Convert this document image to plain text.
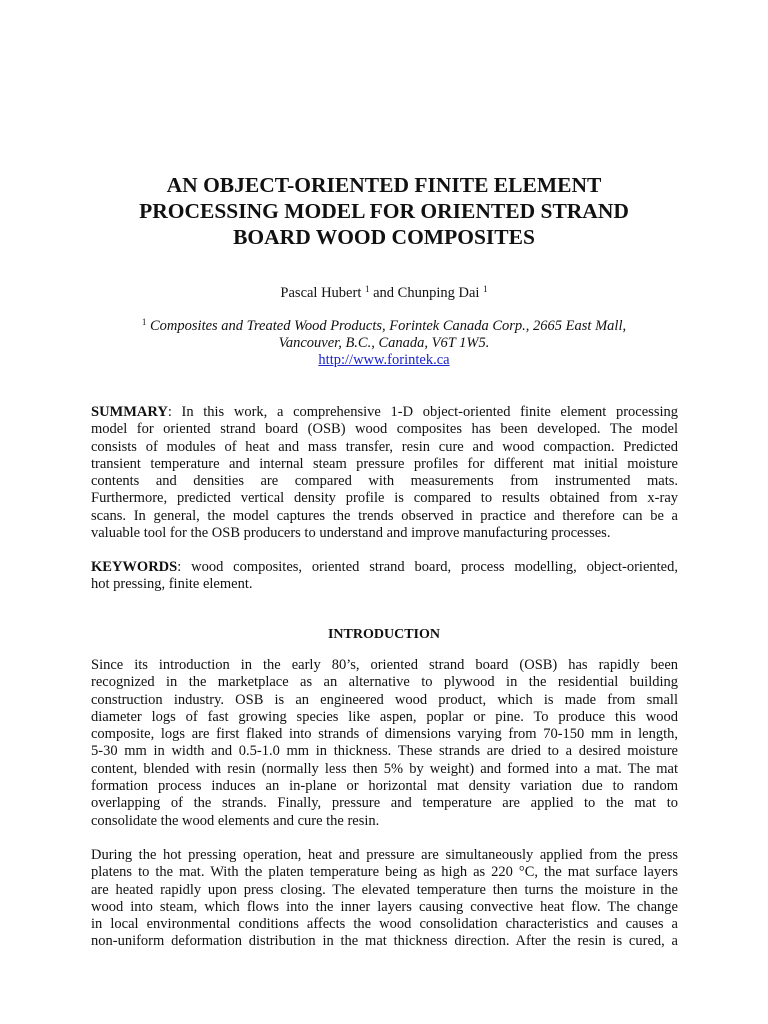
AN OBJECT-ORIENTED FINITE ELEMENT
PROCESSING MODEL FOR ORIENTED STRAND
BOARD WOOD COMPOSITES
Pascal Hubert $^1$ and Chunping Dai $^1$
$^1$ Composites and Treated Wood Products, Forintek Canada Corp., 2665 East Mall,
Vancouver, B.C., Canada, V6T 1W5.
http://www.forintek.ca

SUMMARY: In this work, a comprehensive 1-D object-oriented finite element processing
model for oriented strand board (OSB) wood composites has been developed. The model
consists of modules of heat and mass transfer, resin cure and wood compaction. Predicted
transient temperature and internal steam pressure profiles for different mat initial moisture
contents and densities are compared with measurements from instrumented mats.
Furthermore, predicted vertical density profile is compared to results obtained from x-ray
scans. In general, the model captures the trends observed in practice and therefore can be a
valuable tool for the OSB producers to understand and improve manufacturing processes.

KEYWORDS: wood composites, oriented strand board, process modelling, object-oriented,
hot pressing, finite element.

INTRODUCTION

Since its introduction in the early 80’s, oriented strand board (OSB) has rapidly been
recognized in the marketplace as an alternative to plywood in the residential building
construction industry. OSB is an engineered wood product, which is made from small
diameter logs of fast growing species like aspen, poplar or pine. To produce this wood
composite, logs are first flaked into strands of dimensions varying from 70-150 mm in length,
5-30 mm in width and 0.5-1.0 mm in thickness. These strands are dried to a desired moisture
content, blended with resin (normally less then 5% by weight) and formed into a mat. The mat
formation process induces an in-plane or horizontal mat density variation due to random
overlapping of the strands. Finally, pressure and temperature are applied to the mat to
consolidate the wood elements and cure the resin.

During the hot pressing operation, heat and pressure are simultaneously applied from the press
platens to the mat. With the platen temperature being as high as 220 °C, the mat surface layers
are heated rapidly upon press closing. The elevated temperature then turns the moisture in the
wood into steam, which flows into the inner layers causing convective heat flow. The change
in local environmental conditions affects the wood consolidation characteristics and causes a
non-uniform deformation distribution in the mat thickness direction. After the resin is cured, a
